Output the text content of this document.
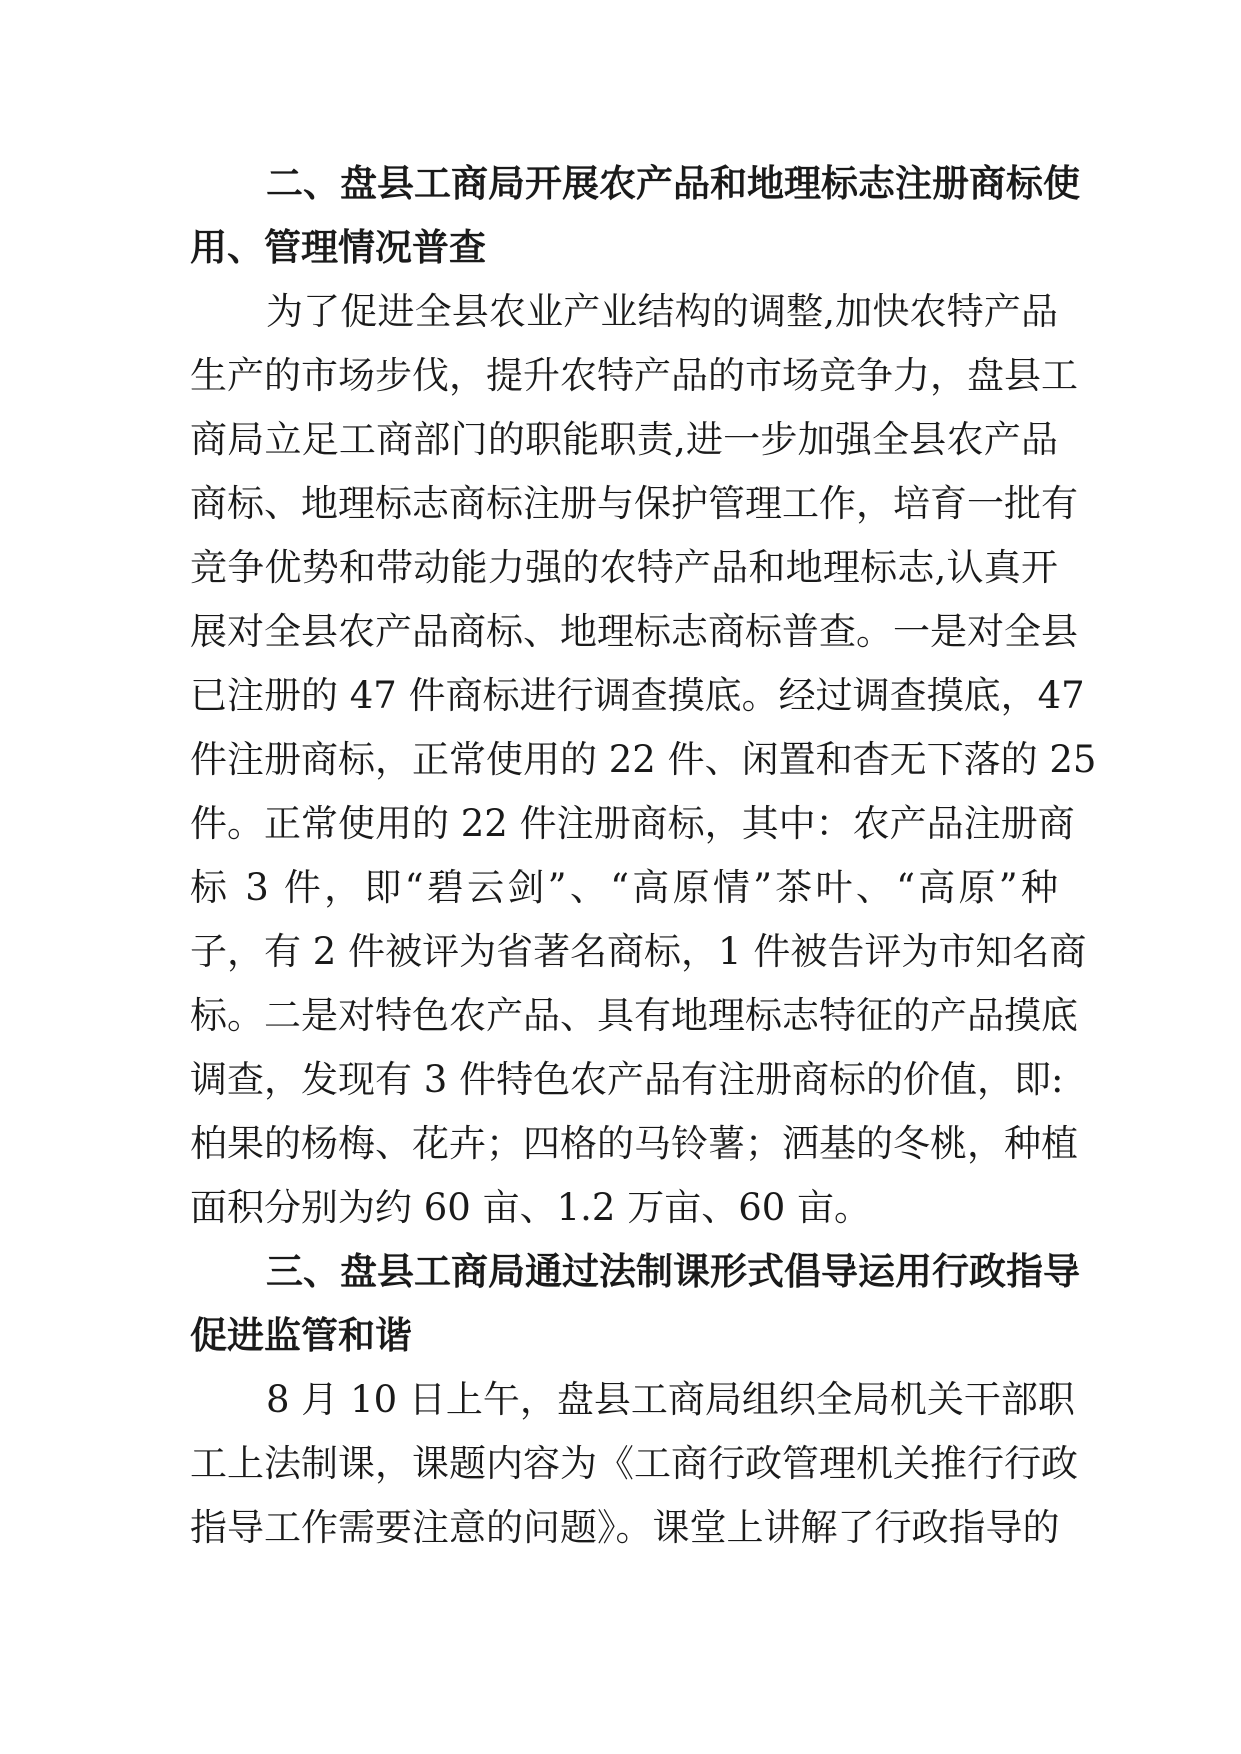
二、盘县工商局开展农产品和地理标志注册商标使
用、管理情况普查
为了促进全县农业产业结构的调整,加快农特产品
生产的市场步伐，提升农特产品的市场竞争力，盘县工
商局立足工商部门的职能职责,进一步加强全县农产品
商标、地理标志商标注册与保护管理工作，培育一批有
竞争优势和带动能力强的农特产品和地理标志,认真开
展对全县农产品商标、地理标志商标普查。一是对全县
已注册的 47 件商标进行调查摸底。经过调查摸底，47
件注册商标，正常使用的 22 件、闲置和杳无下落的 25
件。正常使用的 22 件注册商标，其中：农产品注册商
标 3 件，即“碧云剑”、“高原情”茶叶、“高原”种
子，有 2 件被评为省著名商标，1 件被告评为市知名商
标。二是对特色农产品、具有地理标志特征的产品摸底
调查，发现有 3 件特色农产品有注册商标的价值，即:
柏果的杨梅、花卉；四格的马铃薯；洒基的冬桃，种植
面积分别为约 60 亩、1.2 万亩、60 亩。
三、盘县工商局通过法制课形式倡导运用行政指导
促进监管和谐
8 月 10 日上午，盘县工商局组织全局机关干部职
工上法制课，课题内容为《工商行政管理机关推行行政
指导工作需要注意的问题》。课堂上讲解了行政指导的
